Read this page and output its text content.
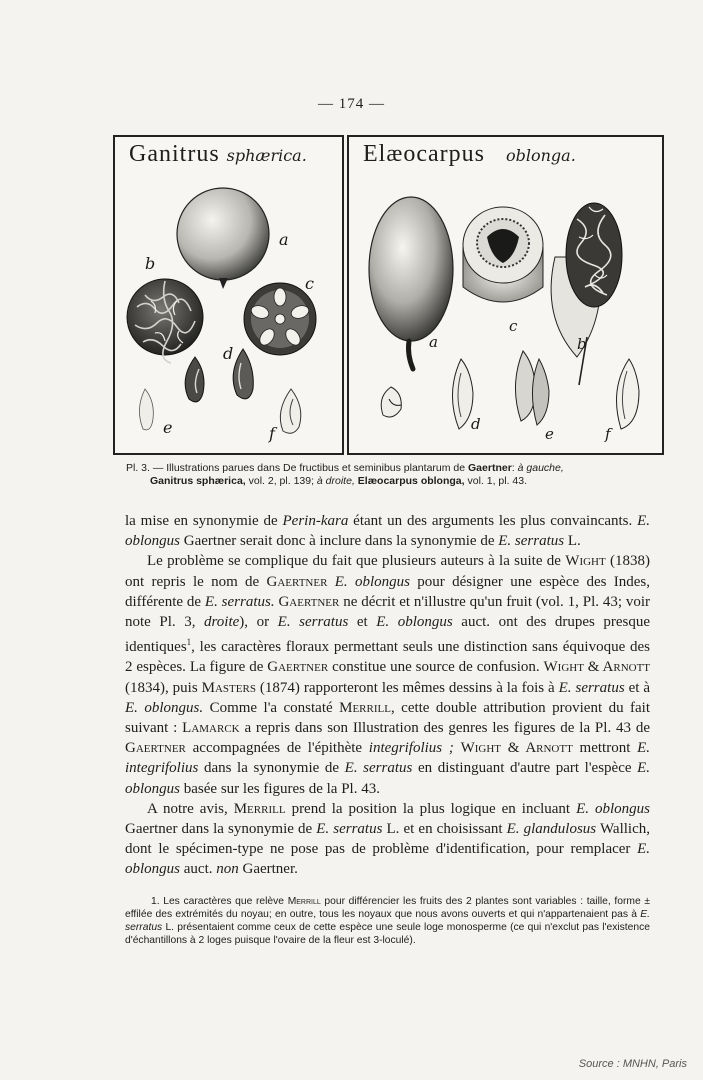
— 174 —
Ganitrus sphærica.
a
b
c
d
e	f
Elæocarpus oblonga.
a
c
b
d
e	f
Pl. 3. — Illustrations parues dans De fructibus et seminibus plantarum de Gaertner: à gauche,
Ganitrus sphærica, vol. 2, pl. 139; à droite, Elæocarpus oblonga, vol. 1, pl. 43.

la mise en synonymie de Perin-kara étant un des arguments les plus convaincants. E. oblongus Gaertner serait donc à inclure dans la synonymie de E. serratus L.

Le problème se complique du fait que plusieurs auteurs à la suite de Wight (1838) ont repris le nom de Gaertner E. oblongus pour désigner une espèce des Indes, différente de E. serratus. Gaertner ne décrit et n'illustre qu'un fruit (vol. 1, Pl. 43; voir note Pl. 3, droite), or E. serratus et E. oblongus auct. ont des drupes presque identiques$^1$, les caractères floraux permettant seuls une distinction sans équivoque des 2 espèces. La figure de Gaertner constitue une source de confusion. Wight & Arnott (1834), puis Masters (1874) rapporteront les mêmes dessins à la fois à E. serratus et à E. oblongus. Comme l'a constaté Merrill, cette double attribution provient du fait suivant : Lamarck a repris dans son Illustration des genres les figures de la Pl. 43 de Gaertner accompagnées de l'épithète integrifolius ; Wight & Arnott mettront E. integrifolius dans la synonymie de E. serratus en distinguant d'autre part l'espèce E. oblongus basée sur les figures de la Pl. 43.

A notre avis, Merrill prend la position la plus logique en incluant E. oblongus Gaertner dans la synonymie de E. serratus L. et en choisissant E. glandulosus Wallich, dont le spécimen-type ne pose pas de problème d'identification, pour remplacer E. oblongus auct. non Gaertner.

1. Les caractères que relève Merrill pour différencier les fruits des 2 plantes sont variables : taille, forme ± effilée des extrémités du noyau; en outre, tous les noyaux que nous avons ouverts et qui n'appartenaient pas à E. serratus L. présentaient comme ceux de cette espèce une seule loge monosperme (ce qui n'exclut pas l'existence d'échantillons à 2 loges puisque l'ovaire de la fleur est 3-loculé).

Source : MNHN, Paris
